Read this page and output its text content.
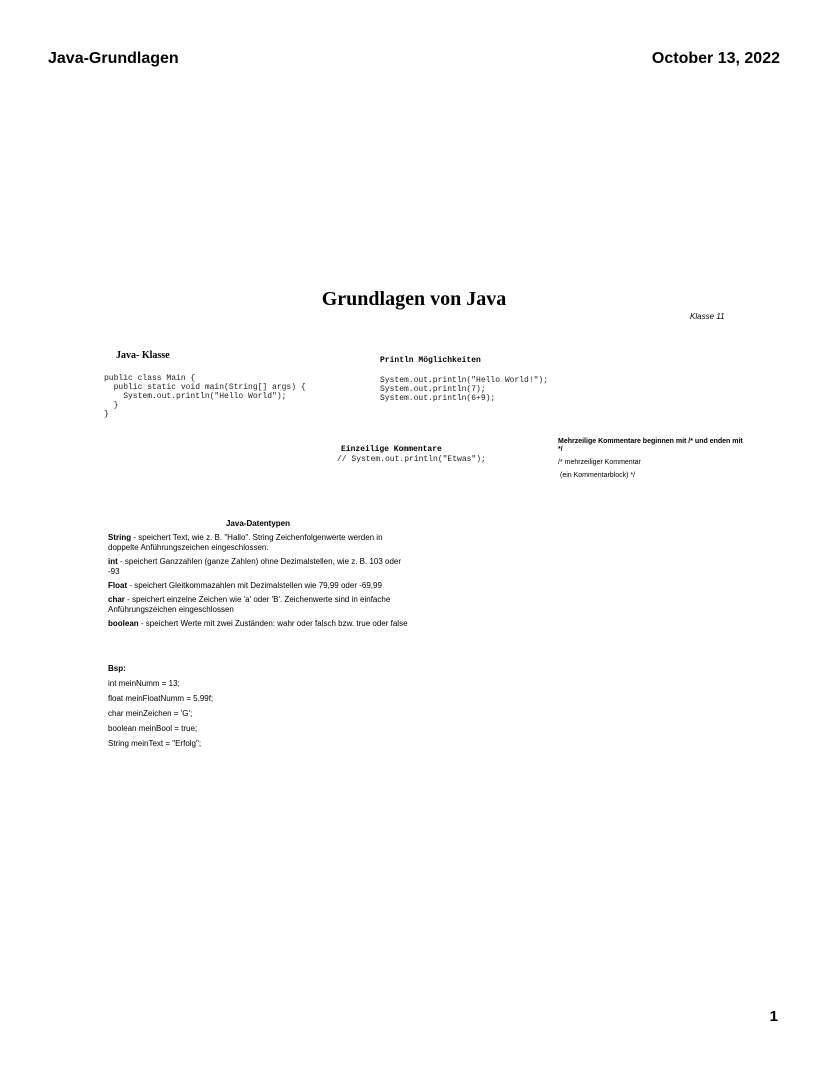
Java-Grundlagen	October 13, 2022
Grundlagen von Java
Klasse 11
Java- Klasse
public class Main {
public static void main(String[] args) {
System.out.println("Hello World");
}
}
Println Möglichkeiten
System.out.println("Hello World!");
System.out.println(7);
System.out.println(6+9);
Einzeilige Kommentare
// System.out.println("Etwas");
Mehrzeilige Kommentare beginnen mit /* und enden mit */
/* mehrzeiliger Kommentar
(ein Kommentarblock) */
Java-Datentypen

String - speichert Text, wie z. B. "Hallo". String Zeichenfolgenwerte werden in doppelte Anführungszeichen eingeschlossen.

int - speichert Ganzzahlen (ganze Zahlen) ohne Dezimalstellen, wie z. B. 103 oder -93

Float - speichert Gleitkommazahlen mit Dezimalstellen wie 79,99 oder -69,99

char - speichert einzelne Zeichen wie 'a' oder 'B'. Zeichenwerte sind in einfache Anführungszeichen eingeschlossen

boolean - speichert Werte mit zwei Zuständen: wahr oder falsch bzw. true oder false

Bsp:
int meinNumm = 13;
float meinFloatNumm = 5.99f;
char meinZeichen = 'G';
boolean meinBool = true;
String meinText = "Erfolg";
1
